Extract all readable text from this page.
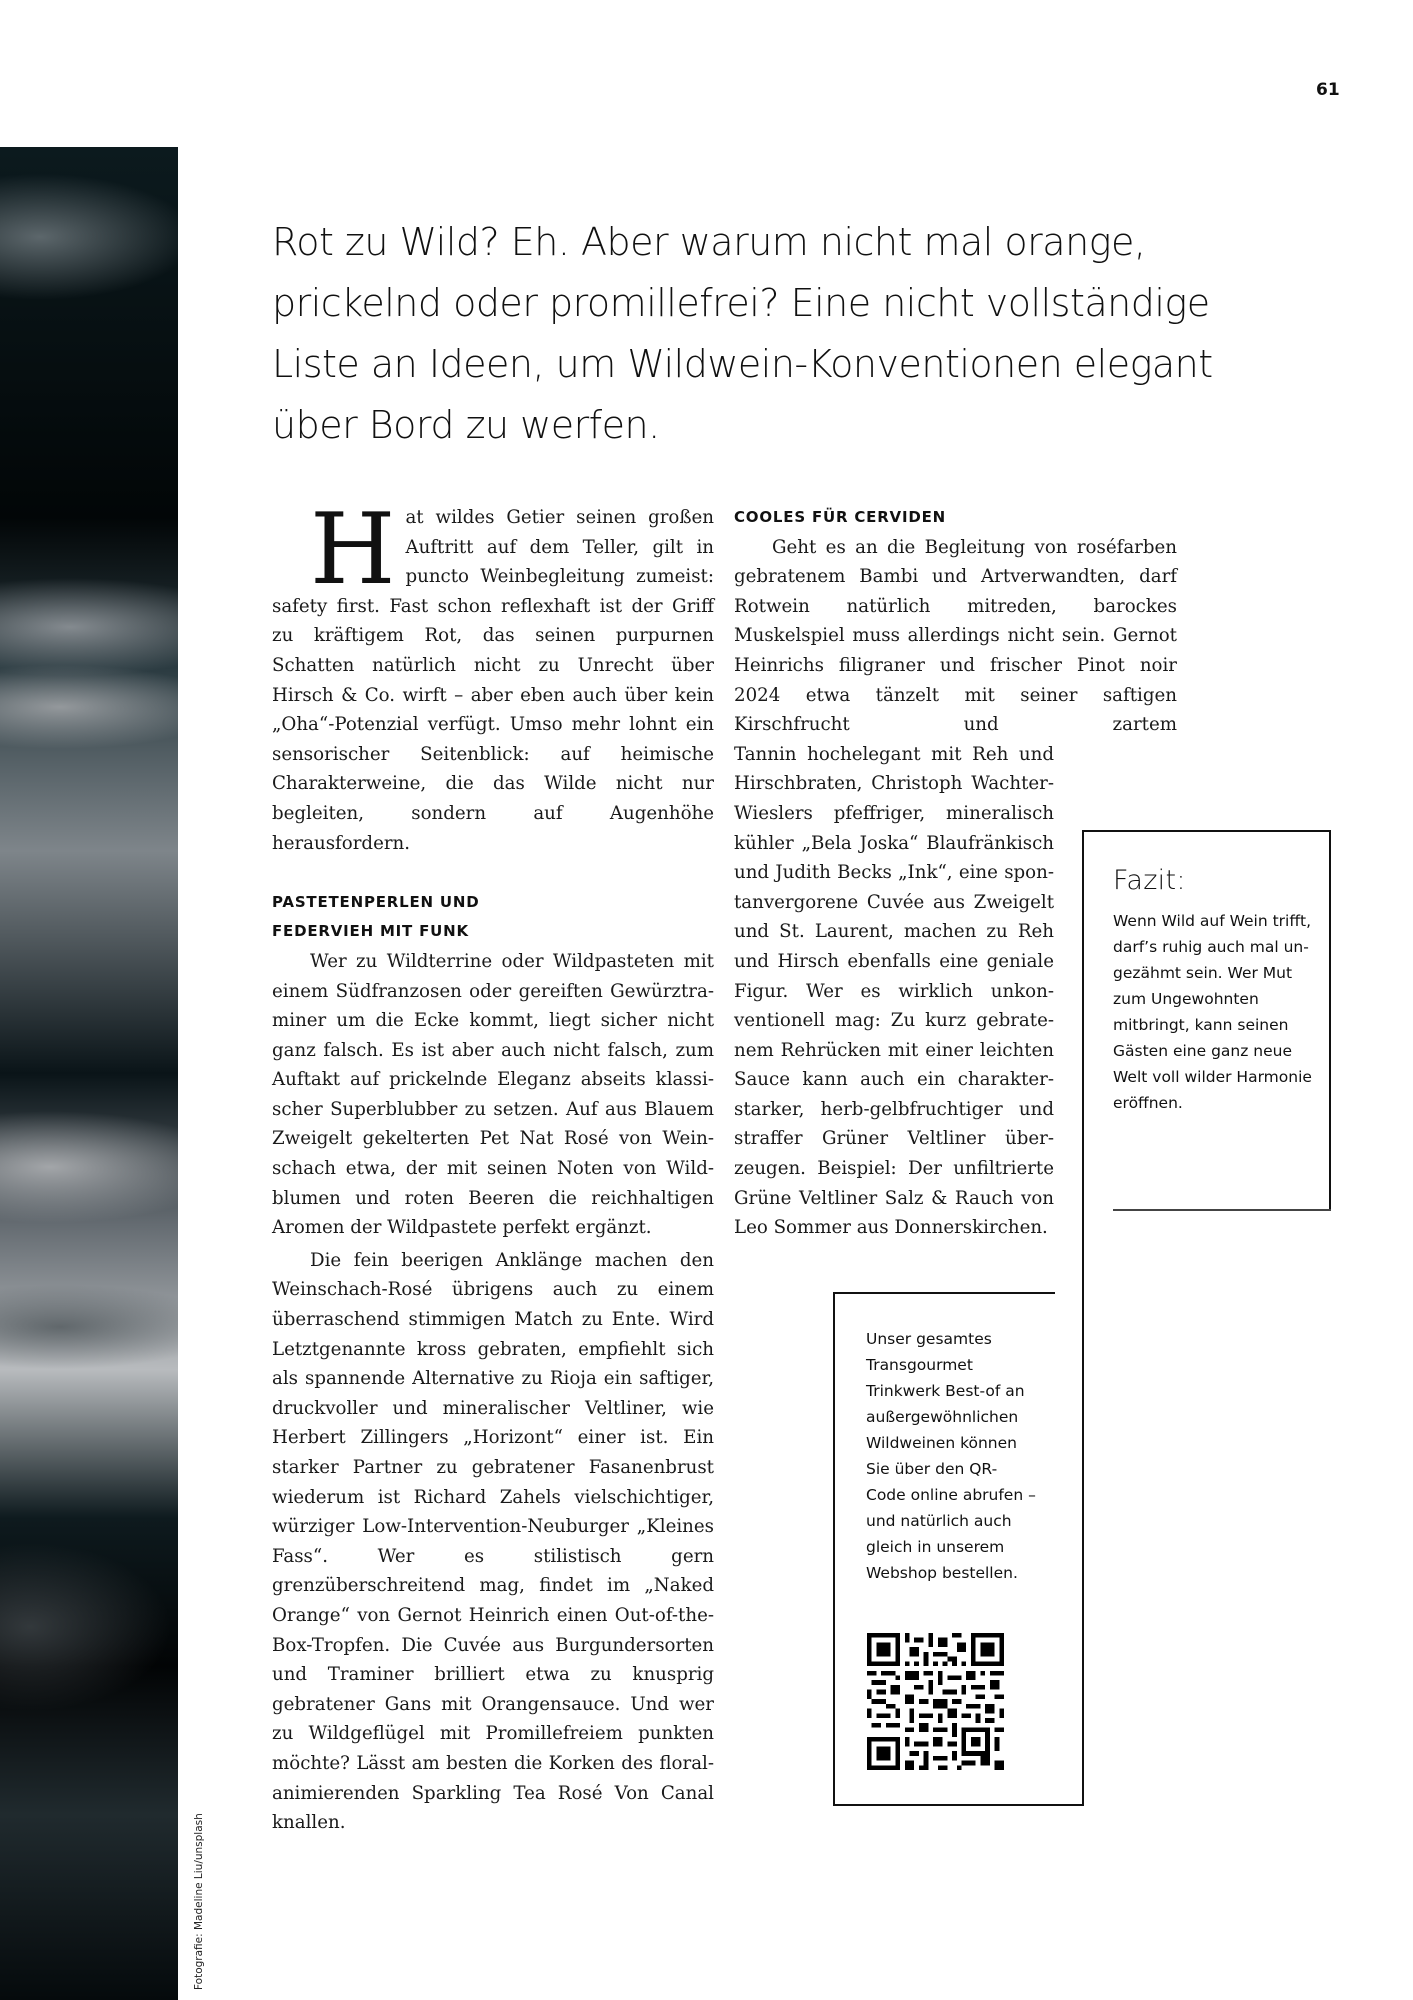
61
Fotografie: Madeline Liu/unsplash
Rot zu Wild? Eh. Aber warum nicht mal orange,
prickelnd oder promillefrei? Eine nicht vollständige
Liste an Ideen, um Wildwein-Konventionen elegant
über Bord zu werfen.

H at wildes Getier seinen großen Auftritt auf dem Teller, gilt in puncto Weinbegleitung zumeist: safety first. Fast schon reflexhaft ist der Griff zu kräftigem Rot, das seinen purpurnen Schatten natürlich nicht zu Unrecht über Hirsch & Co. wirft – aber eben auch über kein „Oha“-Potenzial verfügt. Umso mehr lohnt ein sensorischer Seitenblick: auf heimische Charakterweine, die das Wilde nicht nur begleiten, sondern auf Augenhöhe herausfordern.

PASTETENPERLEN UND
FEDERVIEH MIT FUNK

Wer zu Wildterrine oder Wildpasteten mit einem Südfranzosen oder gereiften Gewürztraminer um die Ecke kommt, liegt sicher nicht ganz falsch. Es ist aber auch nicht falsch, zum Auftakt auf prickelnde Eleganz abseits klassischer Superblubber zu setzen. Auf aus Blauem Zweigelt gekelterten Pet Nat Rosé von Weinschach etwa, der mit seinen Noten von Wildblumen und roten Beeren die reichhaltigen Aromen der Wildpastete perfekt ergänzt.

Die fein beerigen Anklänge machen den Weinschach-Rosé übrigens auch zu einem überraschend stimmigen Match zu Ente. Wird Letztgenannte kross gebraten, empfiehlt sich als spannende Alternative zu Rioja ein saftiger, druckvoller und mineralischer Veltliner, wie Herbert Zillingers „Horizont“ einer ist. Ein starker Partner zu gebratener Fasanenbrust wiederum ist Richard Zahels vielschichtiger, würziger Low-Intervention-Neuburger „Kleines Fass“. Wer es stilistisch gern grenzüberschreitend mag, findet im „Naked Orange“ von Gernot Heinrich einen Out-of-the-Box-Tropfen. Die Cuvée aus Burgundersorten und Traminer brilliert etwa zu knusprig gebratener Gans mit Orangensauce. Und wer zu Wildgeflügel mit Promillefreiem punkten möchte? Lässt am besten die Korken des floral-animierenden Sparkling Tea Rosé Von Canal knallen.

COOLES FÜR CERVIDEN

Geht es an die Begleitung von roséfarben gebratenem Bambi und Artverwandten, darf Rotwein natürlich mitreden, barockes Muskelspiel muss allerdings nicht sein. Gernot Heinrichs filigraner und frischer Pinot noir 2024 etwa tänzelt mit seiner saftigen Kirschfrucht und zartem

Tannin hochelegant mit Reh und Hirschbraten, Christoph Wachter-Wieslers pfeffriger, mineralisch kühler „Bela Joska“ Blaufränkisch und Judith Becks „Ink“, eine spontanvergorene Cuvée aus Zweigelt und St. Laurent, machen zu Reh und Hirsch ebenfalls eine geniale Figur. Wer es wirklich unkonventionell mag: Zu kurz gebratenem Rehrücken mit einer leichten Sauce kann auch ein charakterstarker, herb-gelbfruchtiger und straffer Grüner Veltliner überzeugen. Beispiel: Der unfiltrierte Grüne Veltliner Salz & Rauch von Leo Sommer aus Donnerskirchen.

Fazit:

Wenn Wild auf Wein trifft, darf’s ruhig auch mal ungezähmt sein. Wer Mut zum Ungewohnten mitbringt, kann seinen Gästen eine ganz neue Welt voll wilder Harmonie eröffnen.

Unser gesamtes Transgourmet Trinkwerk Best-of an außergewöhnlichen Wildweinen können Sie über den QR-Code online abrufen – und natürlich auch gleich in unserem Webshop bestellen.
